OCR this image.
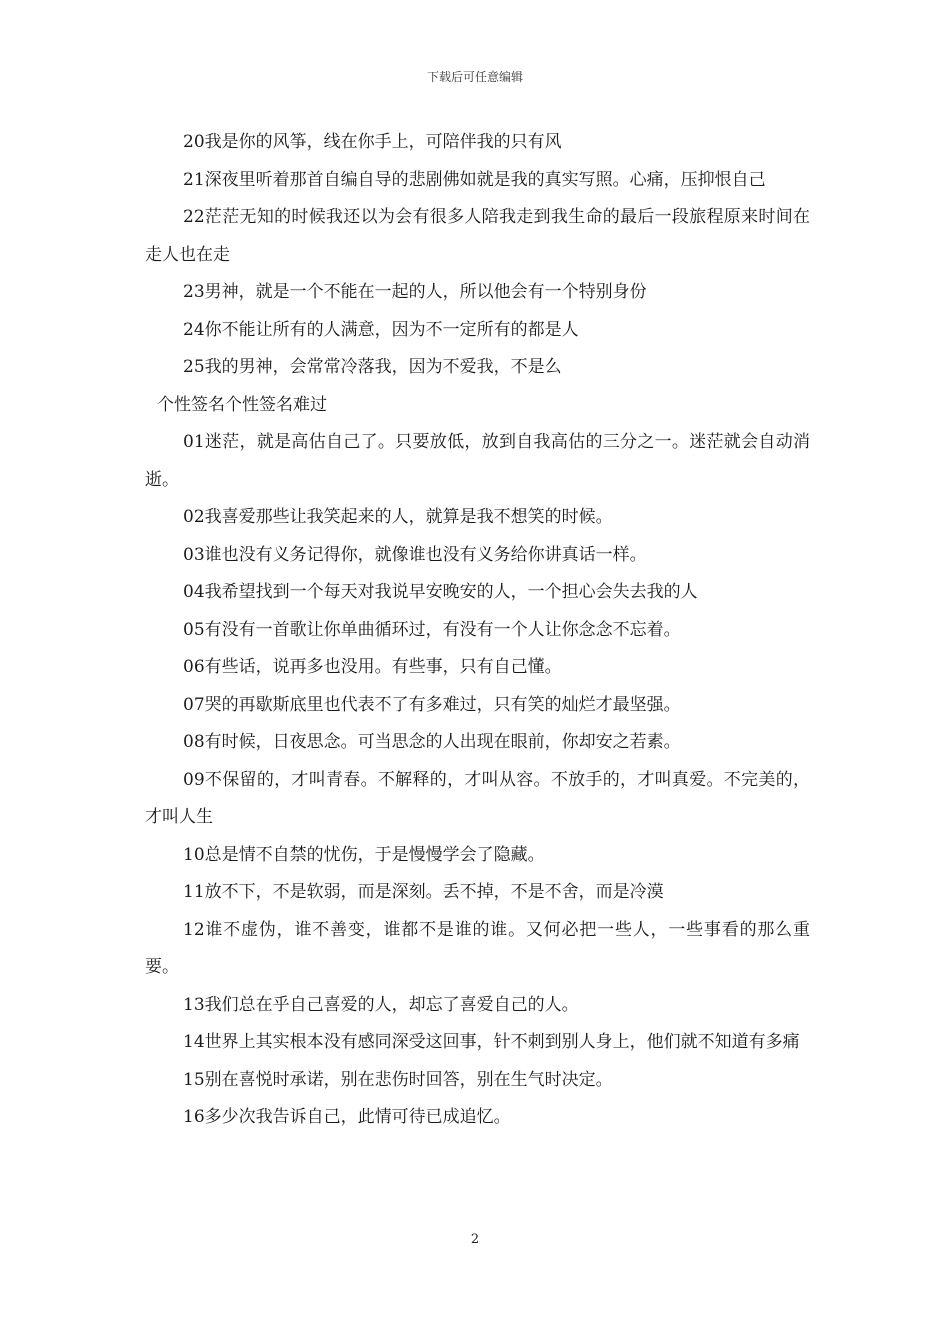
下载后可任意编辑

20我是你的风筝，线在你手上，可陪伴我的只有风

21深夜里听着那首自编自导的悲剧佛如就是我的真实写照。心痛，压抑恨自己

22茫茫无知的时候我还以为会有很多人陪我走到我生命的最后一段旅程原来时间在走人也在走

23男神，就是一个不能在一起的人，所以他会有一个特别身份

24你不能让所有的人满意，因为不一定所有的都是人

25我的男神，会常常冷落我，因为不爱我，不是么

个性签名个性签名难过

01迷茫，就是高估自己了。只要放低，放到自我高估的三分之一。迷茫就会自动消逝。

02我喜爱那些让我笑起来的人，就算是我不想笑的时候。

03谁也没有义务记得你，就像谁也没有义务给你讲真话一样。

04我希望找到一个每天对我说早安晚安的人，一个担心会失去我的人

05有没有一首歌让你单曲循环过，有没有一个人让你念念不忘着。

06有些话，说再多也没用。有些事，只有自己懂。

07哭的再歇斯底里也代表不了有多难过，只有笑的灿烂才最坚强。

08有时候，日夜思念。可当思念的人出现在眼前，你却安之若素。

09不保留的，才叫青春。不解释的，才叫从容。不放手的，才叫真爱。不完美的，才叫人生

10总是情不自禁的忧伤，于是慢慢学会了隐藏。

11放不下，不是软弱，而是深刻。丢不掉，不是不舍，而是冷漠

12谁不虚伪，谁不善变，谁都不是谁的谁。又何必把一些人，一些事看的那么重要。

13我们总在乎自己喜爱的人，却忘了喜爱自己的人。

14世界上其实根本没有感同深受这回事，针不刺到别人身上，他们就不知道有多痛

15别在喜悦时承诺，别在悲伤时回答，别在生气时决定。

16多少次我告诉自己，此情可待已成追忆。

2
